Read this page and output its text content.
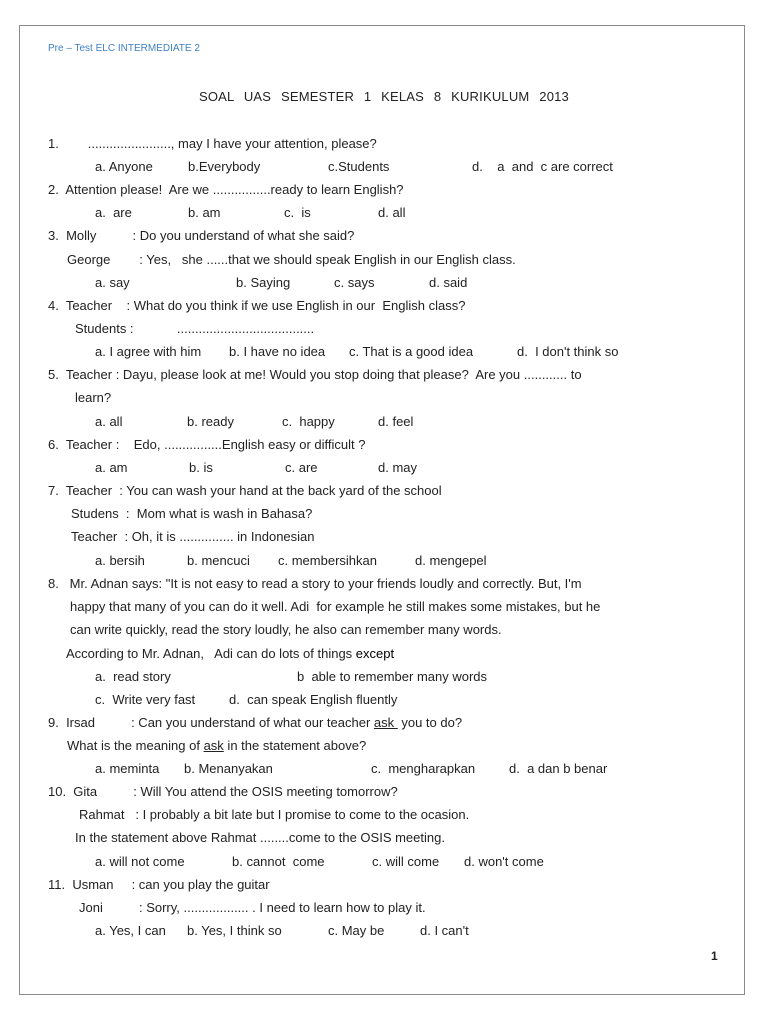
Pre – Test ELC INTERMEDIATE 2
SOAL UAS SEMESTER 1 KELAS 8 KURIKULUM 2013
1.        ......................., may I have your attention, please?
a. Anyone	b.Everybody	c.Students	d.    a  and  c are correct
2.  Attention please!  Are we ................ready to learn English?
a.  are	b. am	c.  is	d. all
3.  Molly          : Do you understand of what she said?
George        : Yes,   she ......that we should speak English in our English class.
a. say	b. Saying	c. says	d. said
4.  Teacher    : What do you think if we use English in our  English class?
Students :            ......................................
a. I agree with him b. I have no idea c. That is a good idea	d.  I don't think so
5.  Teacher : Dayu, please look at me! Would you stop doing that please?  Are you ............ to
learn?
a. all	b. ready	c.  happy	d. feel
6.  Teacher :    Edo, ................English easy or difficult ?
a. am	b. is	c. are	d. may
7.  Teacher  : You can wash your hand at the back yard of the school
Studens  :  Mom what is wash in Bahasa?
Teacher  : Oh, it is ............... in Indonesian
a. bersih	b. mencuci c. membersihkan	d. mengepel
8.   Mr. Adnan says: "It is not easy to read a story to your friends loudly and correctly. But, I'm
happy that many of you can do it well. Adi  for example he still makes some mistakes, but he
can write quickly, read the story loudly, he also can remember many words.
According to Mr. Adnan,   Adi can do lots of things except
a.  read story	b  able to remember many words
c.  Write very fast	d.  can speak English fluently
9.  Irsad          : Can you understand of what our teacher ask  you to do?
What is the meaning of ask in the statement above?
a. meminta b. Menanyakan	c.  mengharapkan	d.  a dan b benar
10.  Gita          : Will You attend the OSIS meeting tomorrow?
Rahmat   : I probably a bit late but I promise to come to the ocasion.
In the statement above Rahmat ........come to the OSIS meeting.
a. will not come	b. cannot  come	c. will come d. won't come
11.  Usman     : can you play the guitar
Joni          : Sorry, .................. . I need to learn how to play it.
a. Yes, I can b. Yes, I think so	c. May be	d. I can't
1
